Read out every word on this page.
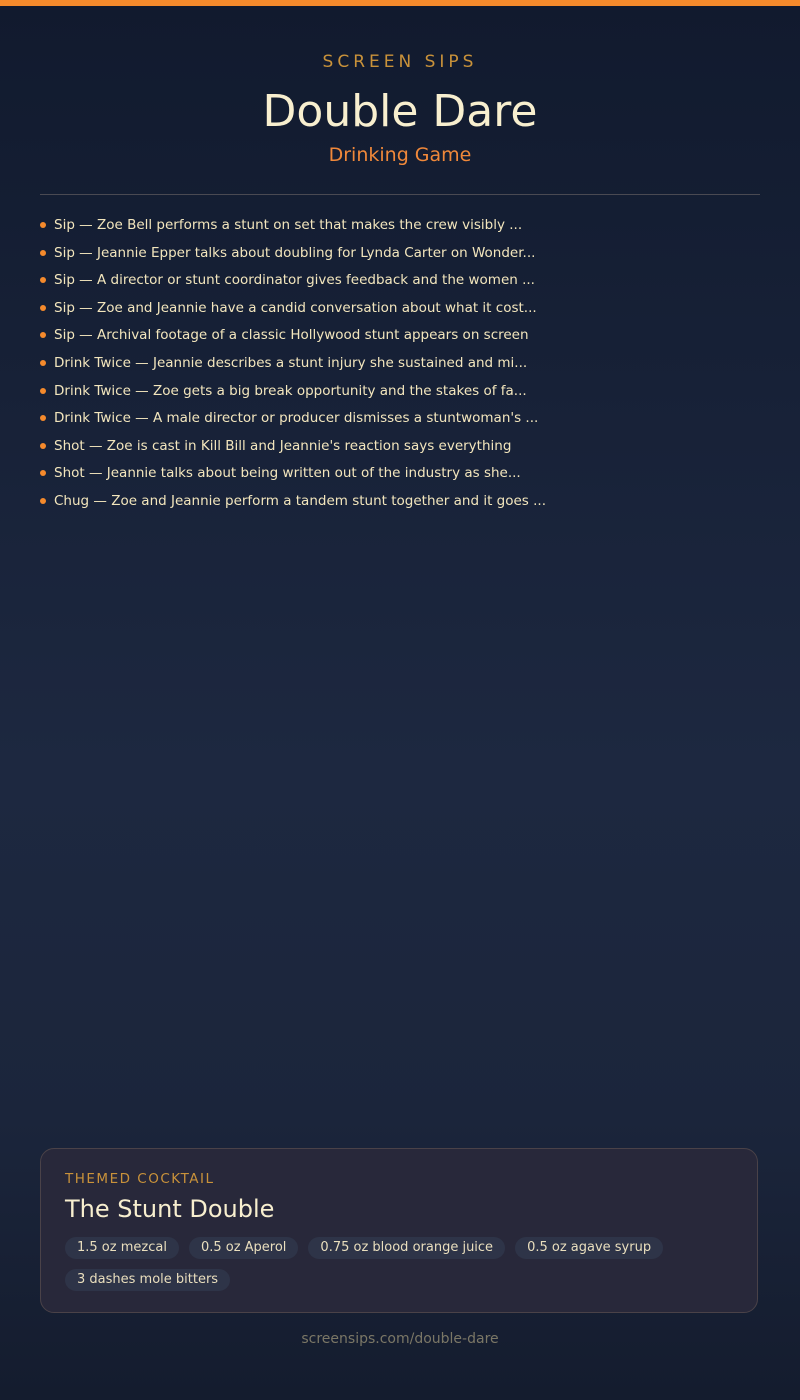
SCREEN SIPS
Double Dare
Drinking Game
Sip — Zoe Bell performs a stunt on set that makes the crew visibly ...
Sip — Jeannie Epper talks about doubling for Lynda Carter on Wonder...
Sip — A director or stunt coordinator gives feedback and the women ...
Sip — Zoe and Jeannie have a candid conversation about what it cost...
Sip — Archival footage of a classic Hollywood stunt appears on screen
Drink Twice — Jeannie describes a stunt injury she sustained and mi...
Drink Twice — Zoe gets a big break opportunity and the stakes of fa...
Drink Twice — A male director or producer dismisses a stuntwoman's ...
Shot — Zoe is cast in Kill Bill and Jeannie's reaction says everything
Shot — Jeannie talks about being written out of the industry as she...
Chug — Zoe and Jeannie perform a tandem stunt together and it goes ...
THEMED COCKTAIL
The Stunt Double
1.5 oz mezcal	0.5 oz Aperol	0.75 oz blood orange juice	0.5 oz agave syrup
3 dashes mole bitters
screensips.com/double-dare
